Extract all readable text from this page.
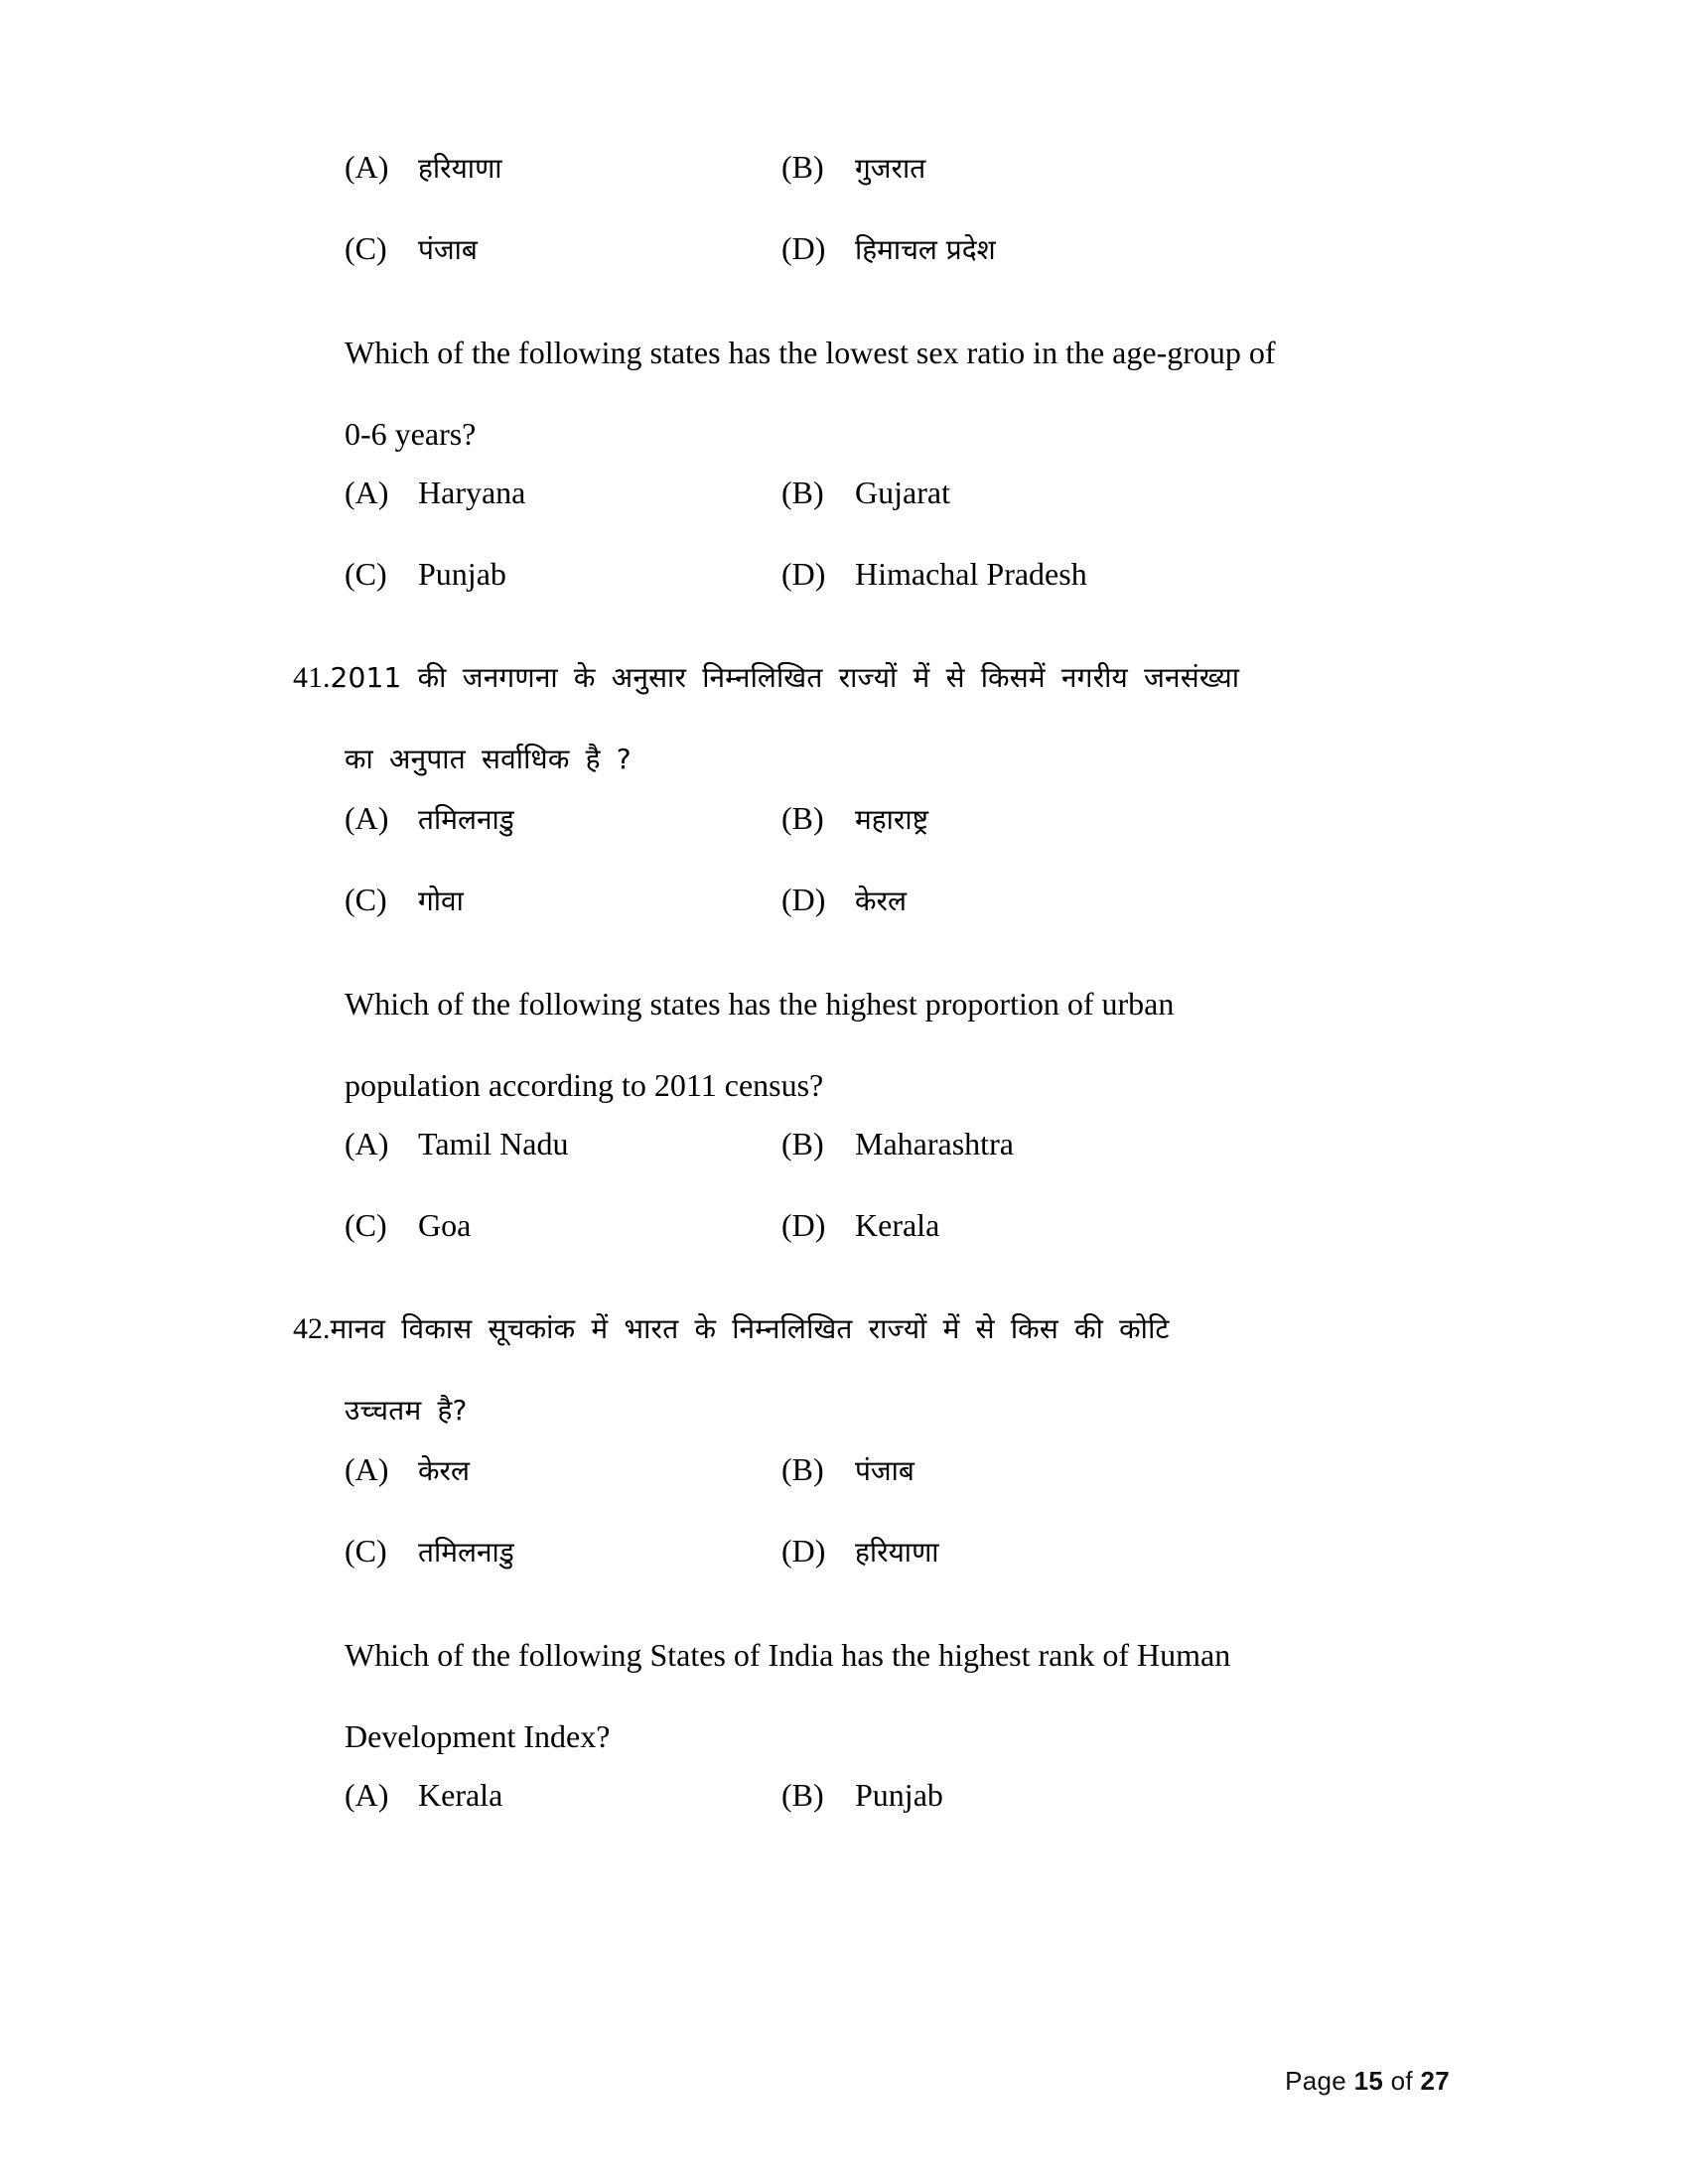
(A)	हरियाणा	(B)	गुजरात
(C)	पंजाब	(D)	हिमाचल प्रदेश
Which of the following states has the lowest sex ratio in the age-group of
0-6 years?
(A) Haryana	(B) Gujarat
(C) Punjab	(D) Himachal Pradesh
41. 2011 की जनगणना के अनुसार निम्नलिखित राज्यों में से किसमें नगरीय जनसंख्या
का अनुपात सर्वाधिक है ?
(A)	तमिलनाडु	(B)	महाराष्ट्र
(C)	गोवा	(D)	केरल
Which of the following states has the highest proportion of urban
population according to 2011 census?
(A) Tamil Nadu	(B) Maharashtra
(C) Goa	(D) Kerala
42. मानव विकास सूचकांक में भारत के निम्नलिखित राज्यों में से किस की कोटि
उच्चतम है?
(A)	केरल	(B)	पंजाब
(C)	तमिलनाडु	(D)	हरियाणा
Which of the following States of India has the highest rank of Human
Development Index?
(A) Kerala	(B) Punjab
Page 15 of 27
